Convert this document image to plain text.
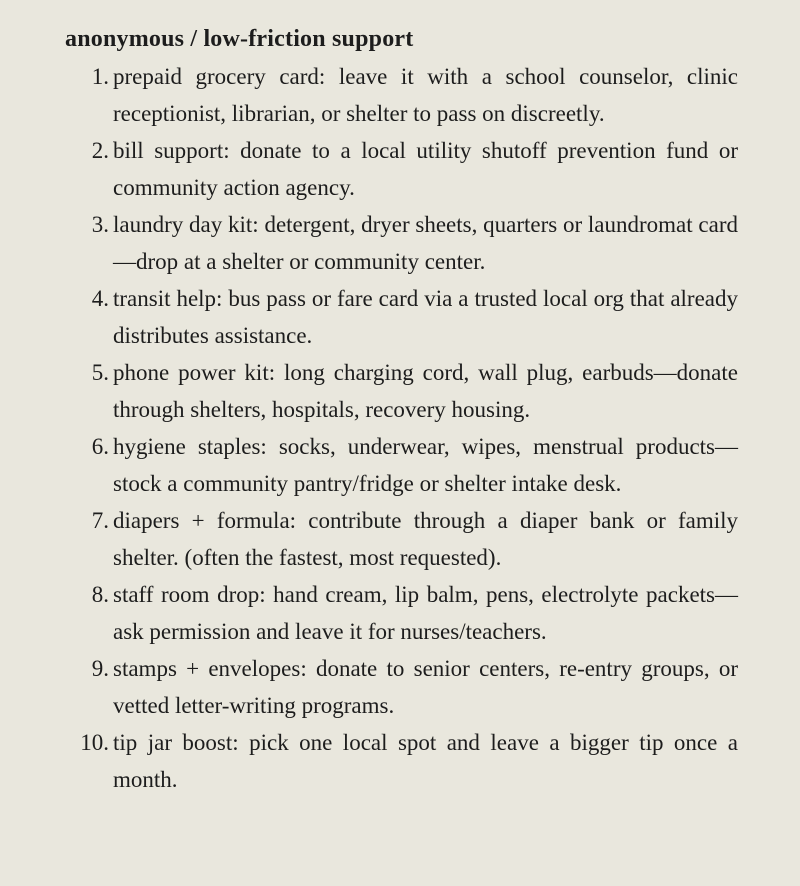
anonymous / low-friction support
prepaid grocery card: leave it with a school counselor, clinic receptionist, librarian, or shelter to pass on discreetly.
bill support: donate to a local utility shutoff prevention fund or community action agency.
laundry day kit: detergent, dryer sheets, quarters or laundromat card—drop at a shelter or community center.
transit help: bus pass or fare card via a trusted local org that already distributes assistance.
phone power kit: long charging cord, wall plug, earbuds—donate through shelters, hospitals, recovery housing.
hygiene staples: socks, underwear, wipes, menstrual products—stock a community pantry/fridge or shelter intake desk.
diapers + formula: contribute through a diaper bank or family shelter. (often the fastest, most requested).
staff room drop: hand cream, lip balm, pens, electrolyte packets—ask permission and leave it for nurses/teachers.
stamps + envelopes: donate to senior centers, re-entry groups, or vetted letter-writing programs.
tip jar boost: pick one local spot and leave a bigger tip once a month.
